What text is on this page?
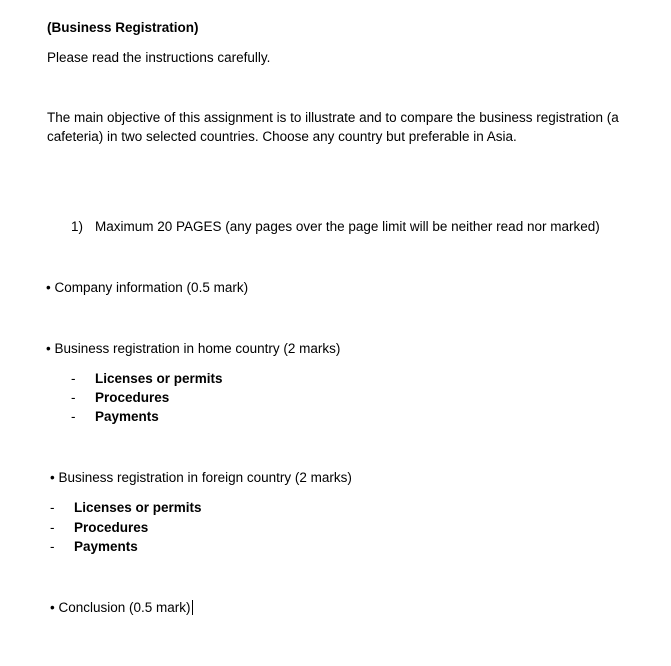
(Business Registration)
Please read the instructions carefully.
The main objective of this assignment is to illustrate and to compare the business registration (a cafeteria) in two selected countries. Choose any country but preferable in Asia.
1) Maximum 20 PAGES (any pages over the page limit will be neither read nor marked)
• Company information (0.5 mark)
• Business registration in home country (2 marks)
- Licenses or permits
- Procedures
- Payments
• Business registration in foreign country (2 marks)
- Licenses or permits
- Procedures
- Payments
• Conclusion (0.5 mark)
